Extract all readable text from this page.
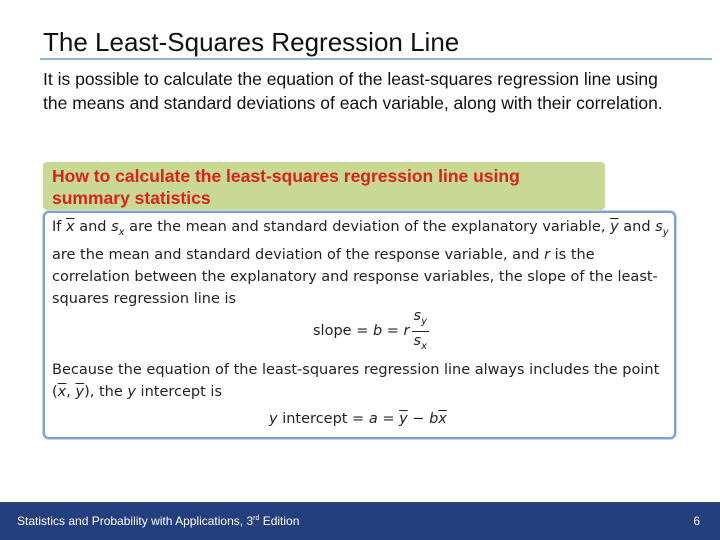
The Least-Squares Regression Line
It is possible to calculate the equation of the least-squares regression line using the means and standard deviations of each variable, along with their correlation.
How to calculate the least-squares regression line using summary statistics
If $\overline{x}$ and $s_x$ are the mean and standard deviation of the explanatory variable, $\overline{y}$ and $s_y$ are the mean and standard deviation of the response variable, and r is the correlation between the explanatory and response variables, the slope of the least-squares regression line is
slope = b = r $\frac{s_y}{s_x}$
Because the equation of the least-squares regression line always includes the point ($\overline{x}$, $\overline{y}$), the y intercept is
y intercept = $a = \overline{y} - b\overline{x}$
Statistics and Probability with Applications, 3rd Edition	6
